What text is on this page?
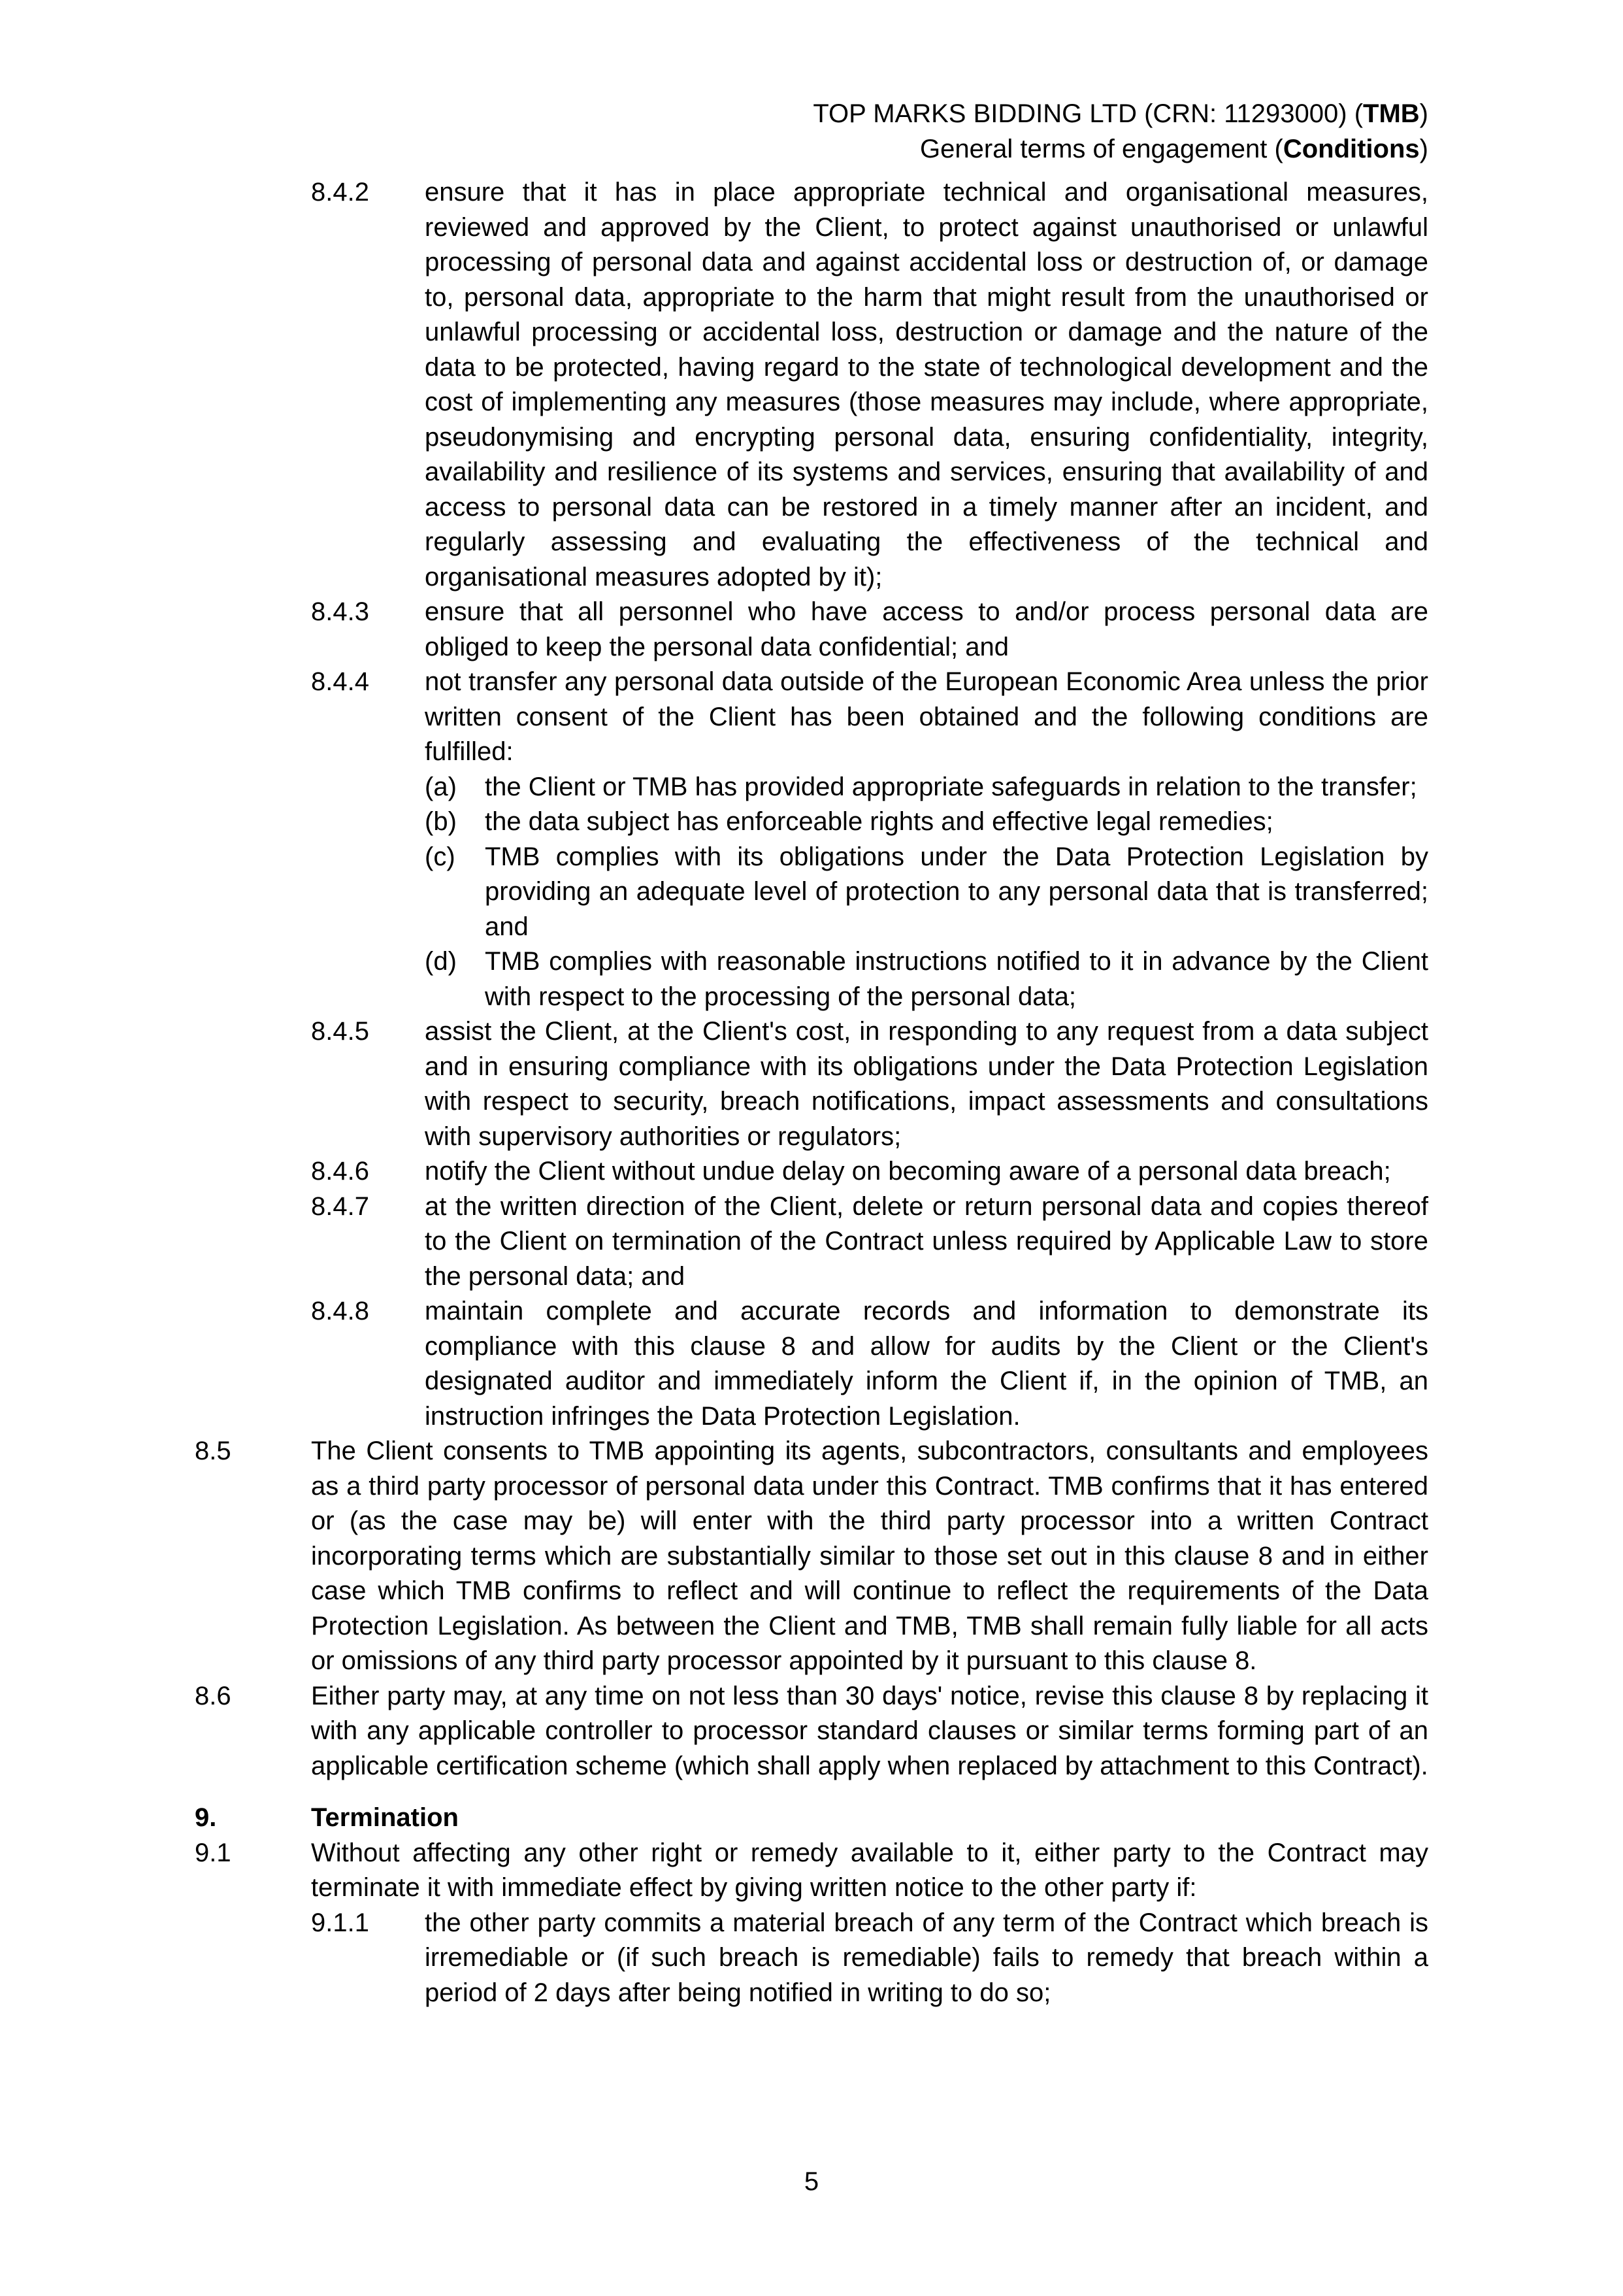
TOP MARKS BIDDING LTD (CRN: 11293000) (TMB)
General terms of engagement (Conditions)
8.4.2	ensure that it has in place appropriate technical and organisational measures, reviewed and approved by the Client, to protect against unauthorised or unlawful processing of personal data and against accidental loss or destruction of, or damage to, personal data, appropriate to the harm that might result from the unauthorised or unlawful processing or accidental loss, destruction or damage and the nature of the data to be protected, having regard to the state of technological development and the cost of implementing any measures (those measures may include, where appropriate, pseudonymising and encrypting personal data, ensuring confidentiality, integrity, availability and resilience of its systems and services, ensuring that availability of and access to personal data can be restored in a timely manner after an incident, and regularly assessing and evaluating the effectiveness of the technical and organisational measures adopted by it);
8.4.3	ensure that all personnel who have access to and/or process personal data are obliged to keep the personal data confidential; and
8.4.4	not transfer any personal data outside of the European Economic Area unless the prior written consent of the Client has been obtained and the following conditions are fulfilled:
(a)	the Client or TMB has provided appropriate safeguards in relation to the transfer;
(b)	the data subject has enforceable rights and effective legal remedies;
(c)	TMB complies with its obligations under the Data Protection Legislation by providing an adequate level of protection to any personal data that is transferred; and
(d)	TMB complies with reasonable instructions notified to it in advance by the Client with respect to the processing of the personal data;
8.4.5	assist the Client, at the Client's cost, in responding to any request from a data subject and in ensuring compliance with its obligations under the Data Protection Legislation with respect to security, breach notifications, impact assessments and consultations with supervisory authorities or regulators;
8.4.6	notify the Client without undue delay on becoming aware of a personal data breach;
8.4.7	at the written direction of the Client, delete or return personal data and copies thereof to the Client on termination of the Contract unless required by Applicable Law to store the personal data; and
8.4.8	maintain complete and accurate records and information to demonstrate its compliance with this clause 8 and allow for audits by the Client or the Client's designated auditor and immediately inform the Client if, in the opinion of TMB, an instruction infringes the Data Protection Legislation.
8.5	The Client consents to TMB appointing its agents, subcontractors, consultants and employees as a third party processor of personal data under this Contract. TMB confirms that it has entered or (as the case may be) will enter with the third party processor into a written Contract incorporating terms which are substantially similar to those set out in this clause 8 and in either case which TMB confirms to reflect and will continue to reflect the requirements of the Data Protection Legislation. As between the Client and TMB, TMB shall remain fully liable for all acts or omissions of any third party processor appointed by it pursuant to this clause 8.
8.6	Either party may, at any time on not less than 30 days' notice, revise this clause 8 by replacing it with any applicable controller to processor standard clauses or similar terms forming part of an applicable certification scheme (which shall apply when replaced by attachment to this Contract).
9.	Termination
9.1	Without affecting any other right or remedy available to it, either party to the Contract may terminate it with immediate effect by giving written notice to the other party if:
9.1.1	the other party commits a material breach of any term of the Contract which breach is irremediable or (if such breach is remediable) fails to remedy that breach within a period of 2 days after being notified in writing to do so;
5
